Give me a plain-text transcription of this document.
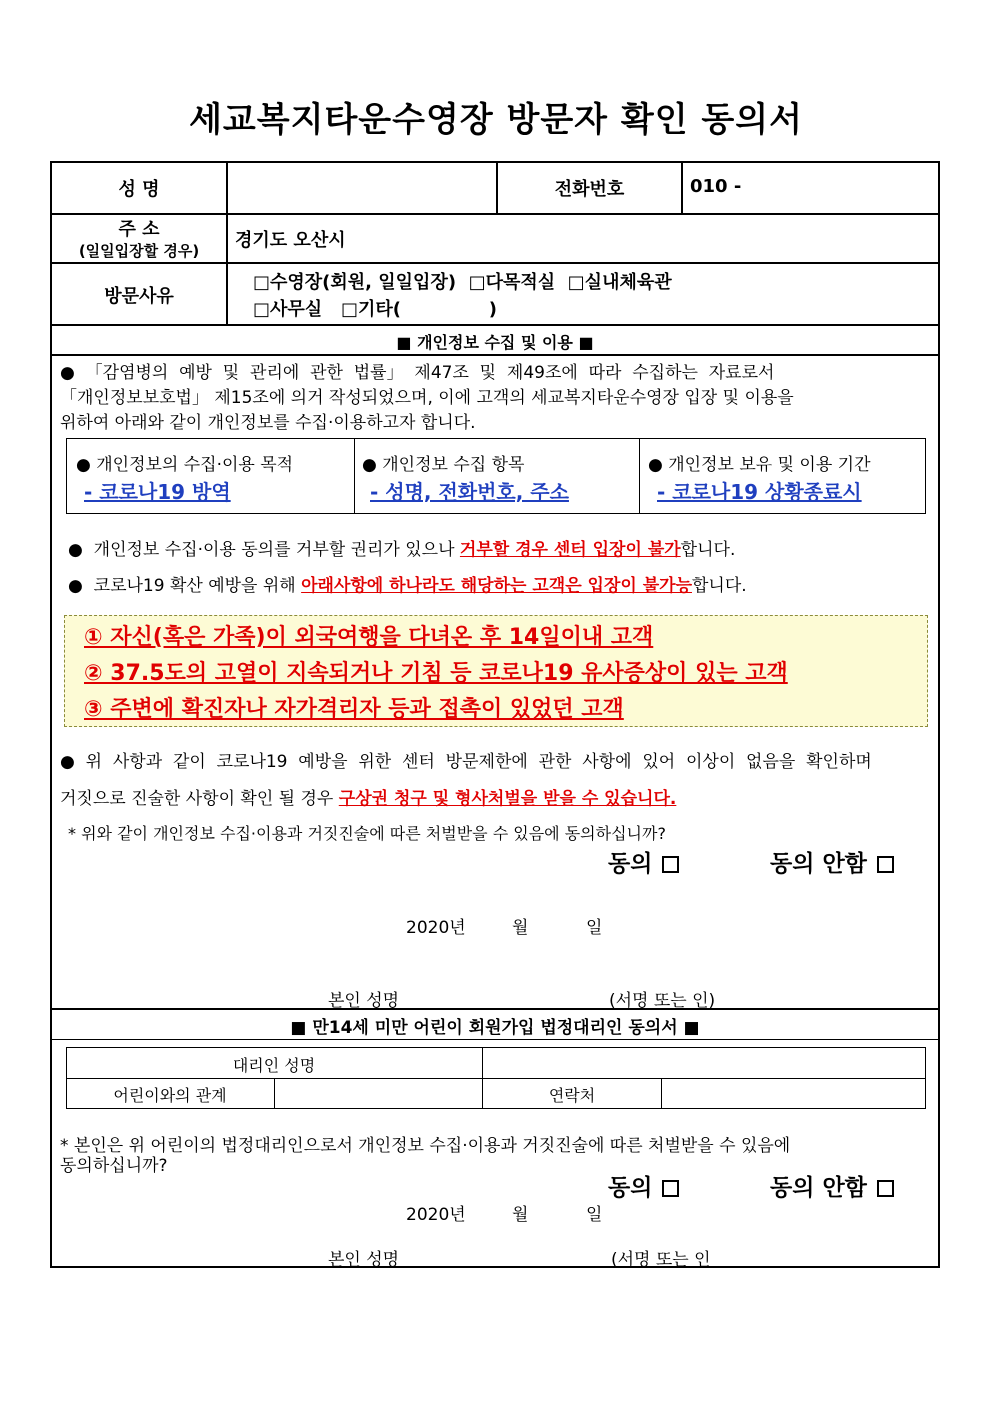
세교복지타운수영장 방문자 확인 동의서
성 명	전화번호	010 -
주 소
(일일입장할 경우)	경기도 오산시
방문사유
□수영장(회원, 일일입장)  □다목적실  □실내체육관
□사무실   □기타(              )
■ 개인정보 수집 및 이용 ■
●  「감염병의  예방  및  관리에  관한  법률」  제47조  및  제49조에  따라  수집하는  자료로서
「개인정보보호법」 제15조에 의거 작성되었으며, 이에 고객의 세교복지타운수영장 입장 및 이용을
위하여 아래와 같이 개인정보를 수집·이용하고자 합니다.
● 개인정보의 수집·이용 목적
- 코로나19 방역
● 개인정보 수집 항목
- 성명, 전화번호, 주소
● 개인정보 보유 및 이용 기간
- 코로나19 상황종료시
●  개인정보 수집·이용 동의를 거부할 권리가 있으나 거부할 경우 센터 입장이 불가합니다.
●  코로나19 확산 예방을 위해 아래사항에 하나라도 해당하는 고객은 입장이 불가능합니다.
① 자신(혹은 가족)이 외국여행을 다녀온 후 14일이내 고객
② 37.5도의 고열이 지속되거나 기침 등 코로나19 유사증상이 있는 고객
③ 주변에 확진자나 자가격리자 등과 접촉이 있었던 고객
●  위  사항과  같이  코로나19  예방을  위한  센터  방문제한에  관한  사항에  있어  이상이  없음을  확인하며
거짓으로 진술한 사항이 확인 될 경우 구상권 청구 및 형사처벌을 받을 수 있습니다.
* 위와 같이 개인정보 수집·이용과 거짓진술에 따른 처벌받을 수 있음에 동의하십니까?
동의	동의 안함
2020년	월	일
본인 성명	(서명 또는 인)
■ 만14세 미만 어린이 회원가입 법정대리인 동의서 ■
대리인 성명
어린이와의 관계	연락처
* 본인은 위 어린이의 법정대리인으로서 개인정보 수집·이용과 거짓진술에 따른 처벌받을 수 있음에
동의하십니까?
동의	동의 안함
2020년	월	일
본인 성명	(서명 또는 인
